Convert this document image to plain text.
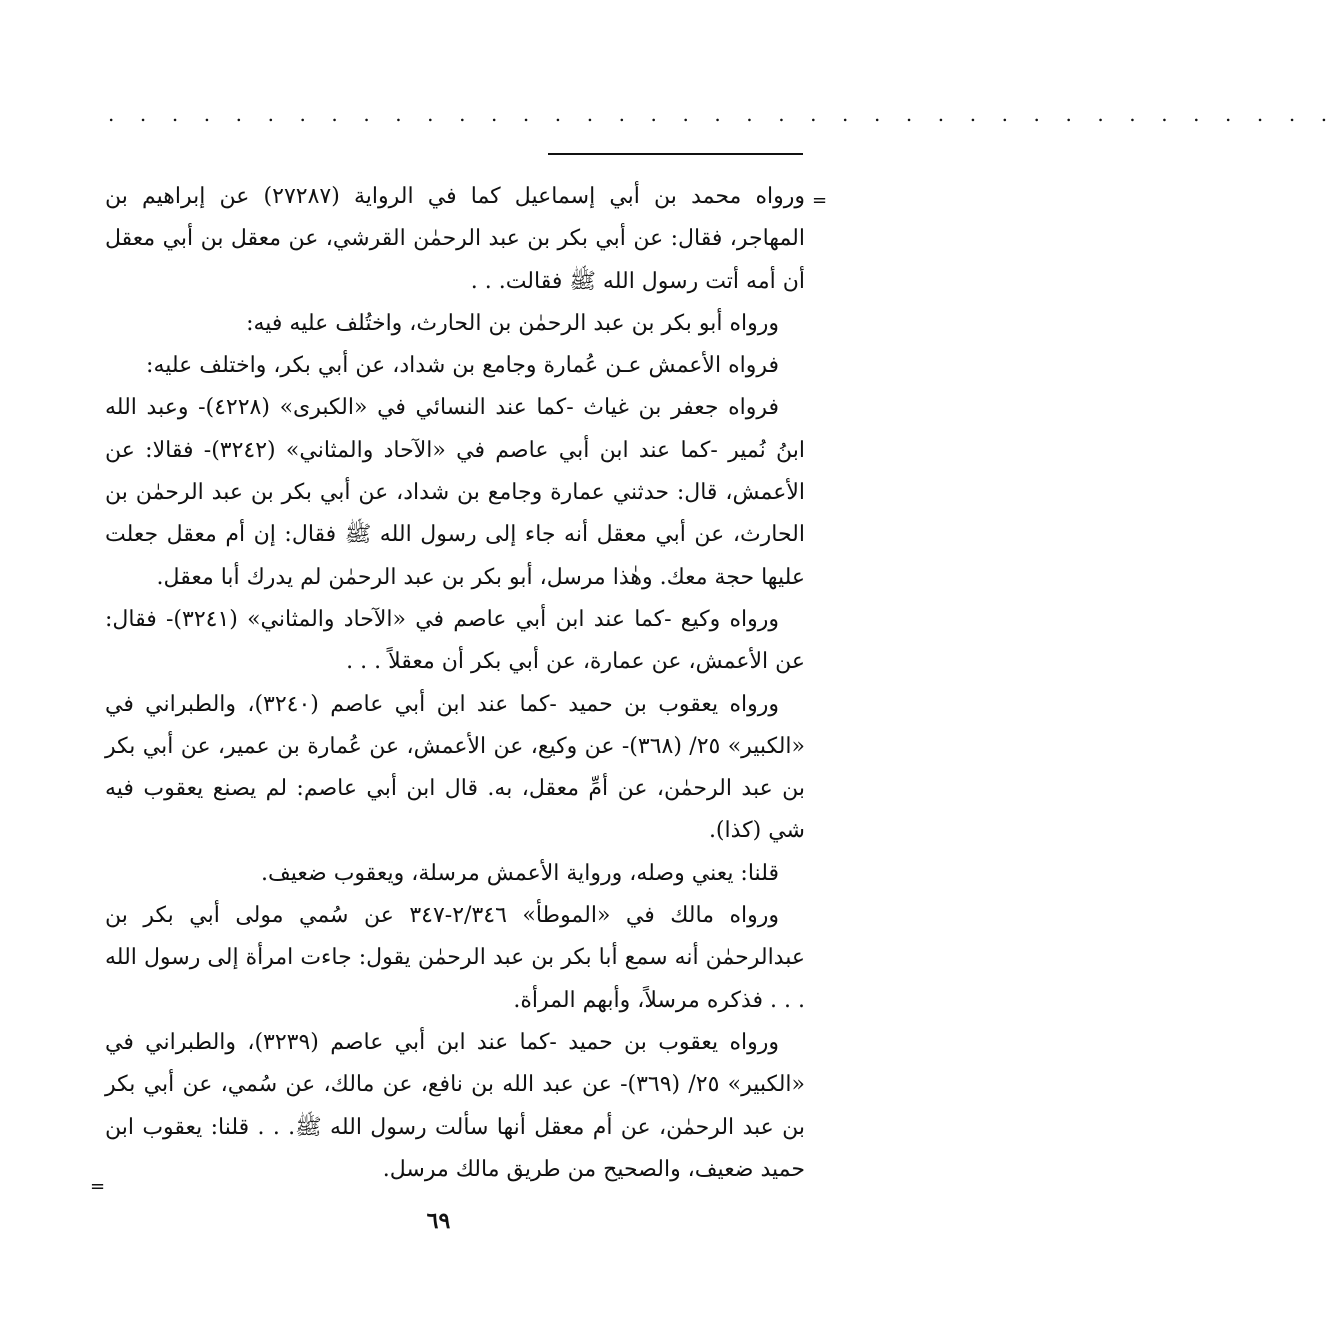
. . . . . . . . . . . . . . . . . . . . . . . . . . . . . . . . . . . . . . .
=

ورواه محمد بن أبي إسماعيل كما في الرواية (٢٧٢٨٧) عن إبراهيم بن المهاجر، فقال: عن أبي بكر بن عبد الرحمٰن القرشي، عن معقل بن أبي معقل أن أمه أتت رسول الله ﷺ فقالت. . .

ورواه أبو بكر بن عبد الرحمٰن بن الحارث، واختُلف عليه فيه:

فرواه الأعمش عـن عُمارة وجامع بن شداد، عن أبي بكر، واختلف عليه:

فرواه جعفر بن غياث -كما عند النسائي في «الكبرى» (٤٢٢٨)- وعبد الله ابنُ نُمير -كما عند ابن أبي عاصم في «الآحاد والمثاني» (٣٢٤٢)- فقالا: عن الأعمش، قال: حدثني عمارة وجامع بن شداد، عن أبي بكر بن عبد الرحمٰن بن الحارث، عن أبي معقل أنه جاء إلى رسول الله ﷺ فقال: إن أم معقل جعلت عليها حجة معك. وهٰذا مرسل، أبو بكر بن عبد الرحمٰن لم يدرك أبا معقل.

ورواه وكيع -كما عند ابن أبي عاصم في «الآحاد والمثاني» (٣٢٤١)- فقال: عن الأعمش، عن عمارة، عن أبي بكر أن معقلاً . . .

ورواه يعقوب بن حميد -كما عند ابن أبي عاصم (٣٢٤٠)، والطبراني في «الكبير» ٢٥/ (٣٦٨)- عن وكيع، عن الأعمش، عن عُمارة بن عمير، عن أبي بكر بن عبد الرحمٰن، عن أمِّ معقل، به. قال ابن أبي عاصم: لم يصنع يعقوب فيه شي (كذا).

قلنا: يعني وصله، ورواية الأعمش مرسلة، ويعقوب ضعيف.

ورواه مالك في «الموطأ» ٢/٣٤٦-٣٤٧ عن سُمي مولى أبي بكر بن عبدالرحمٰن أنه سمع أبا بكر بن عبد الرحمٰن يقول: جاءت امرأة إلى رسول الله . . . فذكره مرسلاً، وأبهم المرأة.

ورواه يعقوب بن حميد -كما عند ابن أبي عاصم (٣٢٣٩)، والطبراني في «الكبير» ٢٥/ (٣٦٩)- عن عبد الله بن نافع، عن مالك، عن سُمي، عن أبي بكر بن عبد الرحمٰن، عن أم معقل أنها سألت رسول الله ﷺ. . . قلنا: يعقوب ابن حميد ضعيف، والصحيح من طريق مالك مرسل.

=
٦٩
